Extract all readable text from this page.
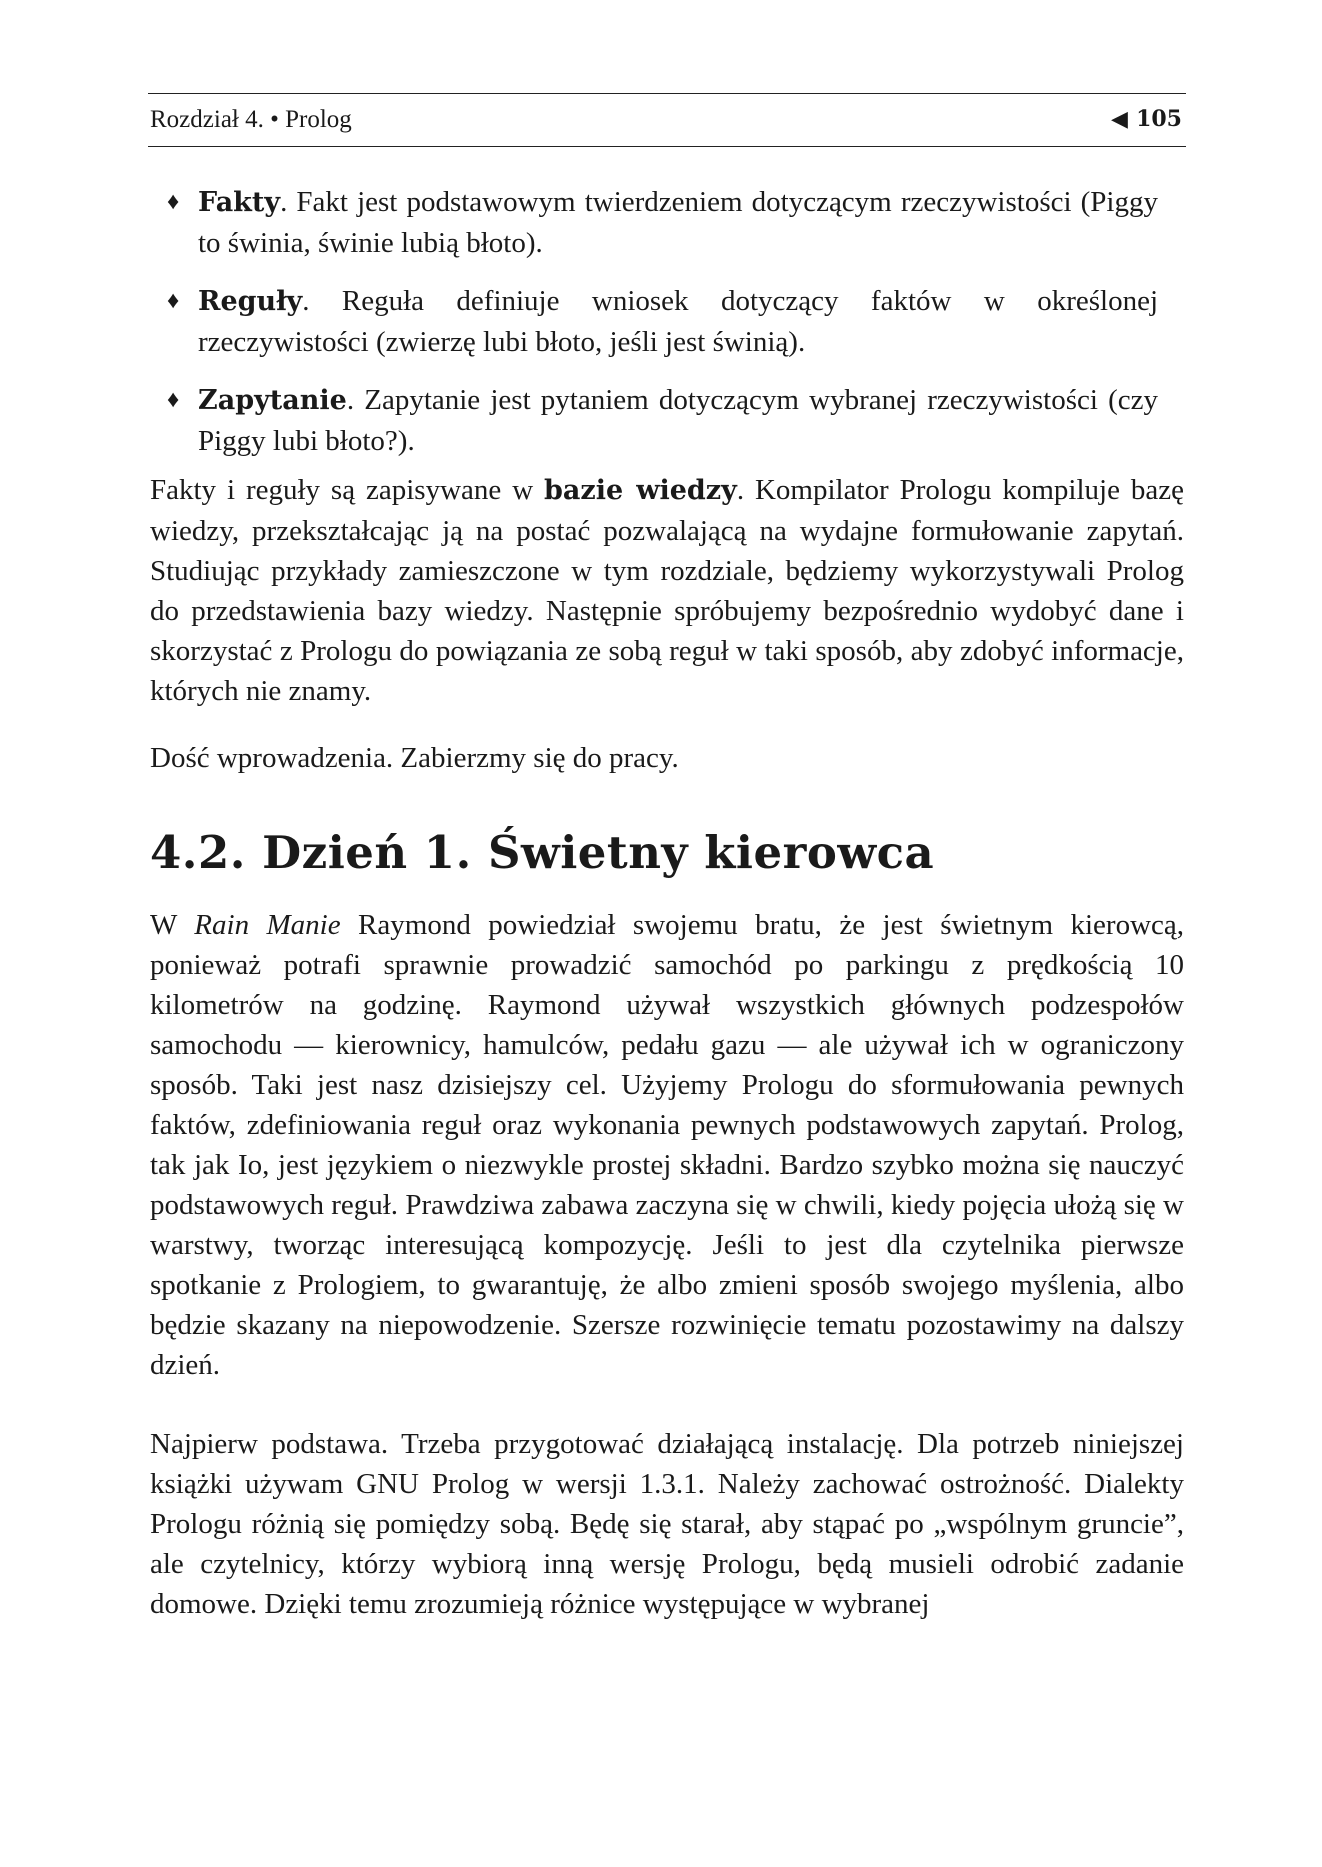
Rozdział 4. • Prolog	◀ 105
♦ Fakty. Fakt jest podstawowym twierdzeniem dotyczącym rzeczywistości (Piggy to świnia, świnie lubią błoto).
♦ Reguły. Reguła definiuje wniosek dotyczący faktów w określonej rzeczywistości (zwierzę lubi błoto, jeśli jest świnią).
♦ Zapytanie. Zapytanie jest pytaniem dotyczącym wybranej rzeczywistości (czy Piggy lubi błoto?).

Fakty i reguły są zapisywane w bazie wiedzy. Kompilator Prologu kompiluje bazę wiedzy, przekształcając ją na postać pozwalającą na wydajne formułowanie zapytań. Studiując przykłady zamieszczone w tym rozdziale, będziemy wykorzystywali Prolog do przedstawienia bazy wiedzy. Następnie spróbujemy bezpośrednio wydobyć dane i skorzystać z Prologu do powiązania ze sobą reguł w taki sposób, aby zdobyć informacje, których nie znamy.

Dość wprowadzenia. Zabierzmy się do pracy.

4.2. Dzień 1. Świetny kierowca

W Rain Manie Raymond powiedział swojemu bratu, że jest świetnym kierowcą, ponieważ potrafi sprawnie prowadzić samochód po parkingu z prędkością 10 kilometrów na godzinę. Raymond używał wszystkich głównych podzespołów samochodu — kierownicy, hamulców, pedału gazu — ale używał ich w ograniczony sposób. Taki jest nasz dzisiejszy cel. Użyjemy Prologu do sformułowania pewnych faktów, zdefiniowania reguł oraz wykonania pewnych podstawowych zapytań. Prolog, tak jak Io, jest językiem o niezwykle prostej składni. Bardzo szybko można się nauczyć podstawowych reguł. Prawdziwa zabawa zaczyna się w chwili, kiedy pojęcia ułożą się w warstwy, tworząc interesującą kompozycję. Jeśli to jest dla czytelnika pierwsze spotkanie z Prologiem, to gwarantuję, że albo zmieni sposób swojego myślenia, albo będzie skazany na niepowodzenie. Szersze rozwinięcie tematu pozostawimy na dalszy dzień.

Najpierw podstawa. Trzeba przygotować działającą instalację. Dla potrzeb niniejszej książki używam GNU Prolog w wersji 1.3.1. Należy zachować ostrożność. Dialekty Prologu różnią się pomiędzy sobą. Będę się starał, aby stąpać po „wspólnym gruncie”, ale czytelnicy, którzy wybiorą inną wersję Prologu, będą musieli odrobić zadanie domowe. Dzięki temu zrozumieją różnice występujące w wybranej
